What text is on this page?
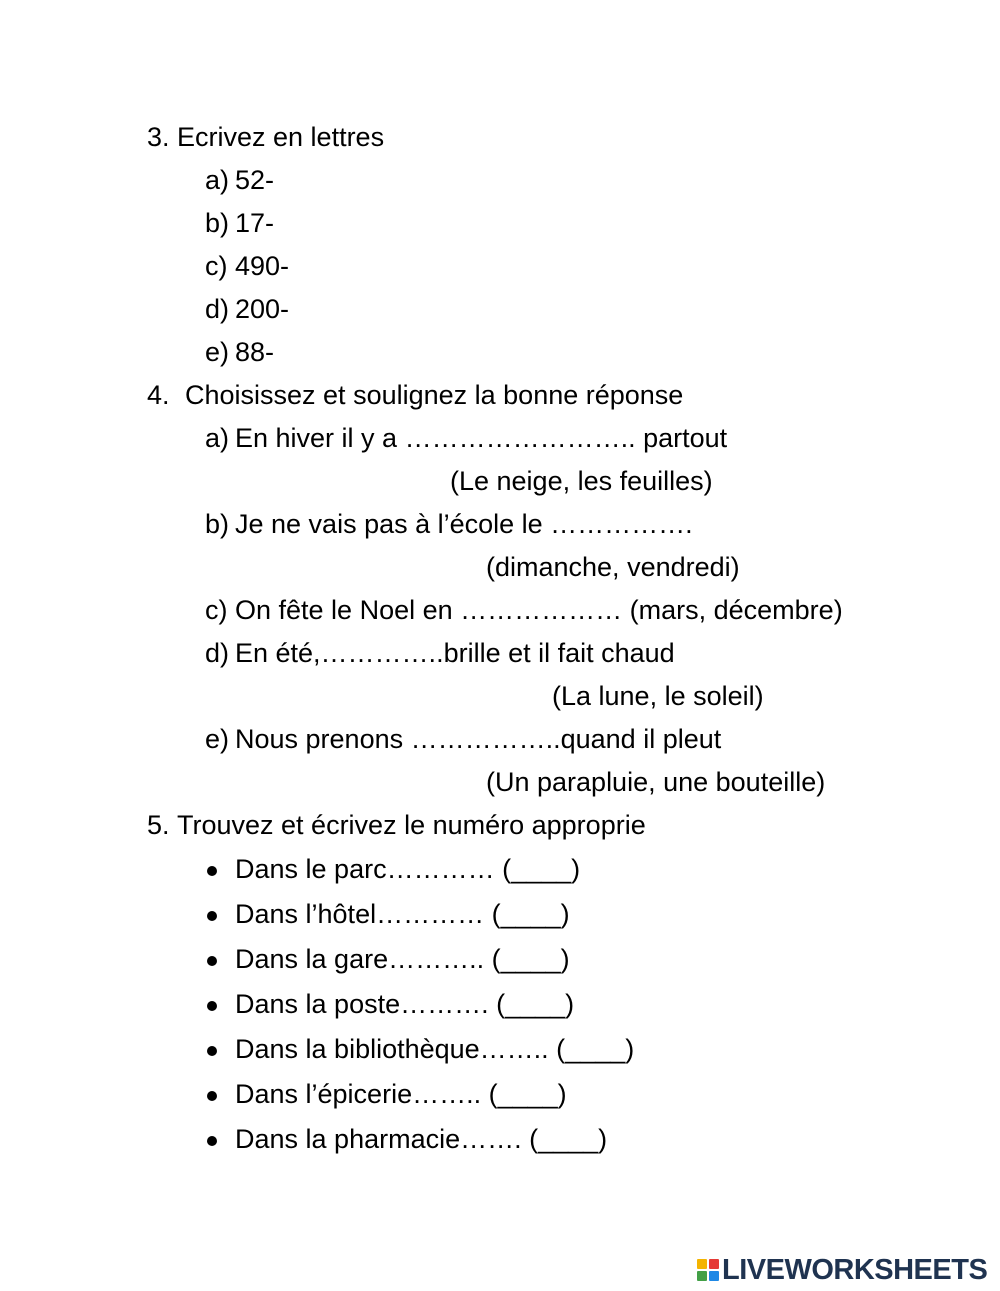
3. Ecrivez en lettres
a) 52-
b) 17-
c) 490-
d) 200-
e) 88-
4. Choisissez et soulignez la bonne réponse
a) En hiver il y a …………………….. partout
(Le neige, les feuilles)
b) Je ne vais pas à l’école le …………….
(dimanche, vendredi)
c) On fête le Noel en ……………… (mars, décembre)
d) En été,…………..brille et il fait chaud
(La lune, le soleil)
e) Nous prenons ……………..quand il pleut
(Un parapluie, une bouteille)
5. Trouvez et écrivez le numéro approprie
Dans le parc………… (____)
Dans l’hôtel………… (____)
Dans la gare……….. (____)
Dans la poste………. (____)
Dans la bibliothèque…….. (____)
Dans l’épicerie…….. (____)
Dans la pharmacie……. (____)
LIVEWORKSHEETS
